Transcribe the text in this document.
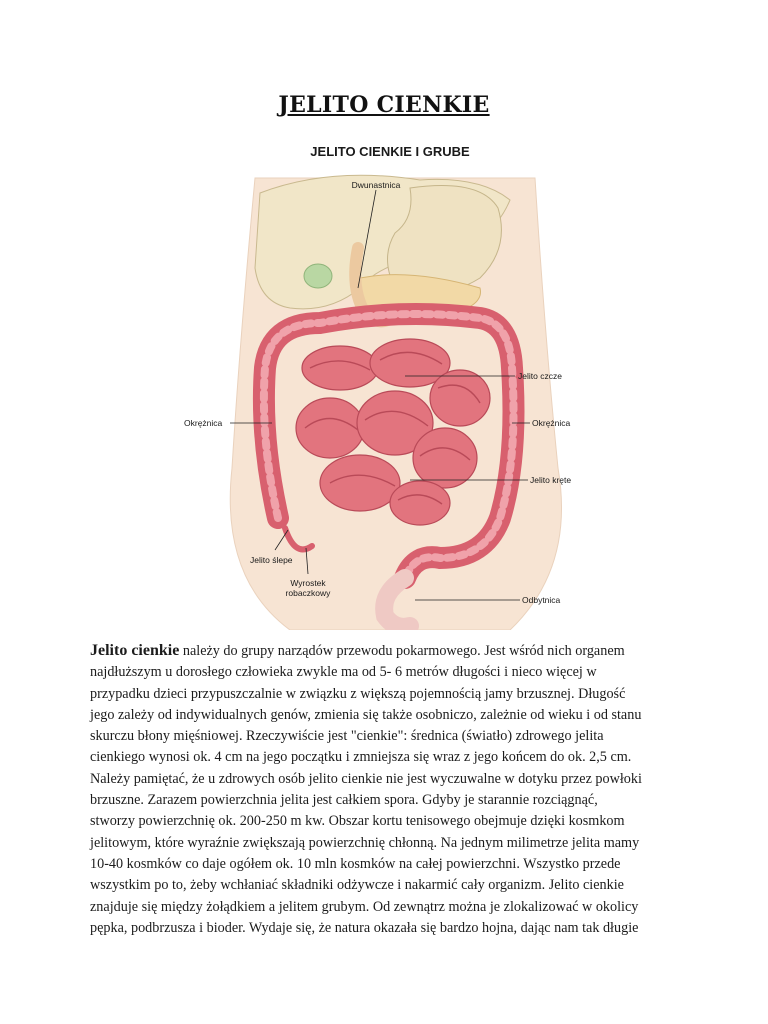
JELITO CIENKIE
JELITO CIENKIE I GRUBE
Dwunastnica
Jelito czcze
Okrężnica	Okrężnica
Jelito kręte
Jelito ślepe
Wyrostek
robaczkowy
Odbytnica
Jelito cienkie należy do grupy narządów przewodu pokarmowego. Jest wśród nich organem
najdłuższym u dorosłego człowieka zwykle ma od 5- 6 metrów długości i nieco więcej w
przypadku dzieci przypuszczalnie w związku z większą pojemnością jamy brzusznej. Długość
jego zależy od indywidualnych genów, zmienia się także osobniczo, zależnie od wieku i od stanu
skurczu błony mięśniowej. Rzeczywiście jest "cienkie": średnica (światło) zdrowego jelita
cienkiego wynosi ok. 4 cm na jego początku i zmniejsza się wraz z jego końcem do ok. 2,5 cm.
Należy pamiętać, że u zdrowych osób jelito cienkie nie jest wyczuwalne w dotyku przez powłoki
brzuszne. Zarazem powierzchnia jelita jest całkiem spora. Gdyby je starannie rozciągnąć,
stworzy powierzchnię ok. 200-250 m kw. Obszar kortu tenisowego obejmuje dzięki kosmkom
jelitowym, które wyraźnie zwiększają powierzchnię chłonną. Na jednym milimetrze jelita mamy
10-40 kosmków co daje ogółem ok. 10 mln kosmków na całej powierzchni. Wszystko przede
wszystkim po to, żeby wchłaniać składniki odżywcze i nakarmić cały organizm. Jelito cienkie
znajduje się między żołądkiem a jelitem grubym. Od zewnątrz można je zlokalizować w okolicy
pępka, podbrzusza i bioder. Wydaje się, że natura okazała się bardzo hojna, dając nam tak długie
